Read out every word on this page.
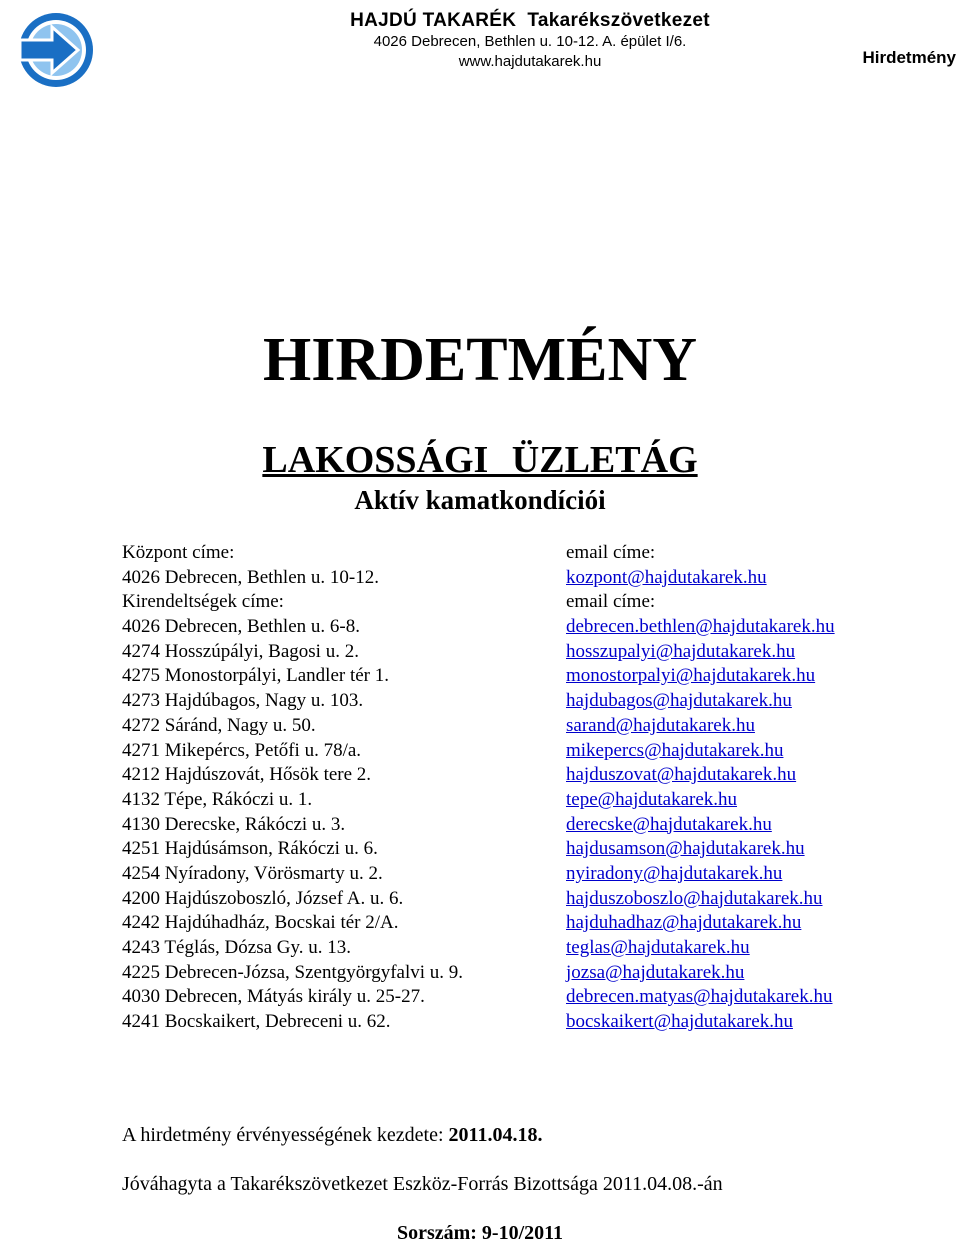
HAJDÚ TAKARÉK  Takarékszövetkezet
4026 Debrecen, Bethlen u. 10-12. A. épület I/6.
www.hajdutakarek.hu	Hirdetmény
HIRDETMÉNY
LAKOSSÁGI ÜZLETÁG
Aktív kamatkondíciói
Központ címe:
4026 Debrecen, Bethlen u. 10-12.
Kirendeltségek címe:
4026 Debrecen, Bethlen u. 6-8.
4274 Hosszúpályi, Bagosi u. 2.
4275 Monostorpályi, Landler tér 1.
4273 Hajdúbagos, Nagy u. 103.
4272 Sáránd, Nagy u. 50.
4271 Mikepércs, Petőfi u. 78/a.
4212 Hajdúszovát, Hősök tere 2.
4132 Tépe, Rákóczi u. 1.
4130 Derecske, Rákóczi u. 3.
4251 Hajdúsámson, Rákóczi u. 6.
4254 Nyíradony, Vörösmarty u. 2.
4200 Hajdúszoboszló, József A. u. 6.
4242 Hajdúhadház, Bocskai tér 2/A.
4243 Téglás, Dózsa Gy. u. 13.
4225 Debrecen-Józsa, Szentgyörgyfalvi u. 9.
4030 Debrecen, Mátyás király u. 25-27.
4241 Bocskaikert, Debreceni u. 62.
email címe:
kozpont@hajdutakarek.hu
email címe:
debrecen.bethlen@hajdutakarek.hu
hosszupalyi@hajdutakarek.hu
monostorpalyi@hajdutakarek.hu
hajdubagos@hajdutakarek.hu
sarand@hajdutakarek.hu
mikepercs@hajdutakarek.hu
hajduszovat@hajdutakarek.hu
tepe@hajdutakarek.hu
derecske@hajdutakarek.hu
hajdusamson@hajdutakarek.hu
nyiradony@hajdutakarek.hu
hajduszoboszlo@hajdutakarek.hu
hajduhadhaz@hajdutakarek.hu
teglas@hajdutakarek.hu
jozsa@hajdutakarek.hu
debrecen.matyas@hajdutakarek.hu
bocskaikert@hajdutakarek.hu
A hirdetmény érvényességének kezdete: 2011.04.18.
Jóváhagyta a Takarékszövetkezet Eszköz-Forrás Bizottsága 2011.04.08.-án
Sorszám: 9-10/2011
